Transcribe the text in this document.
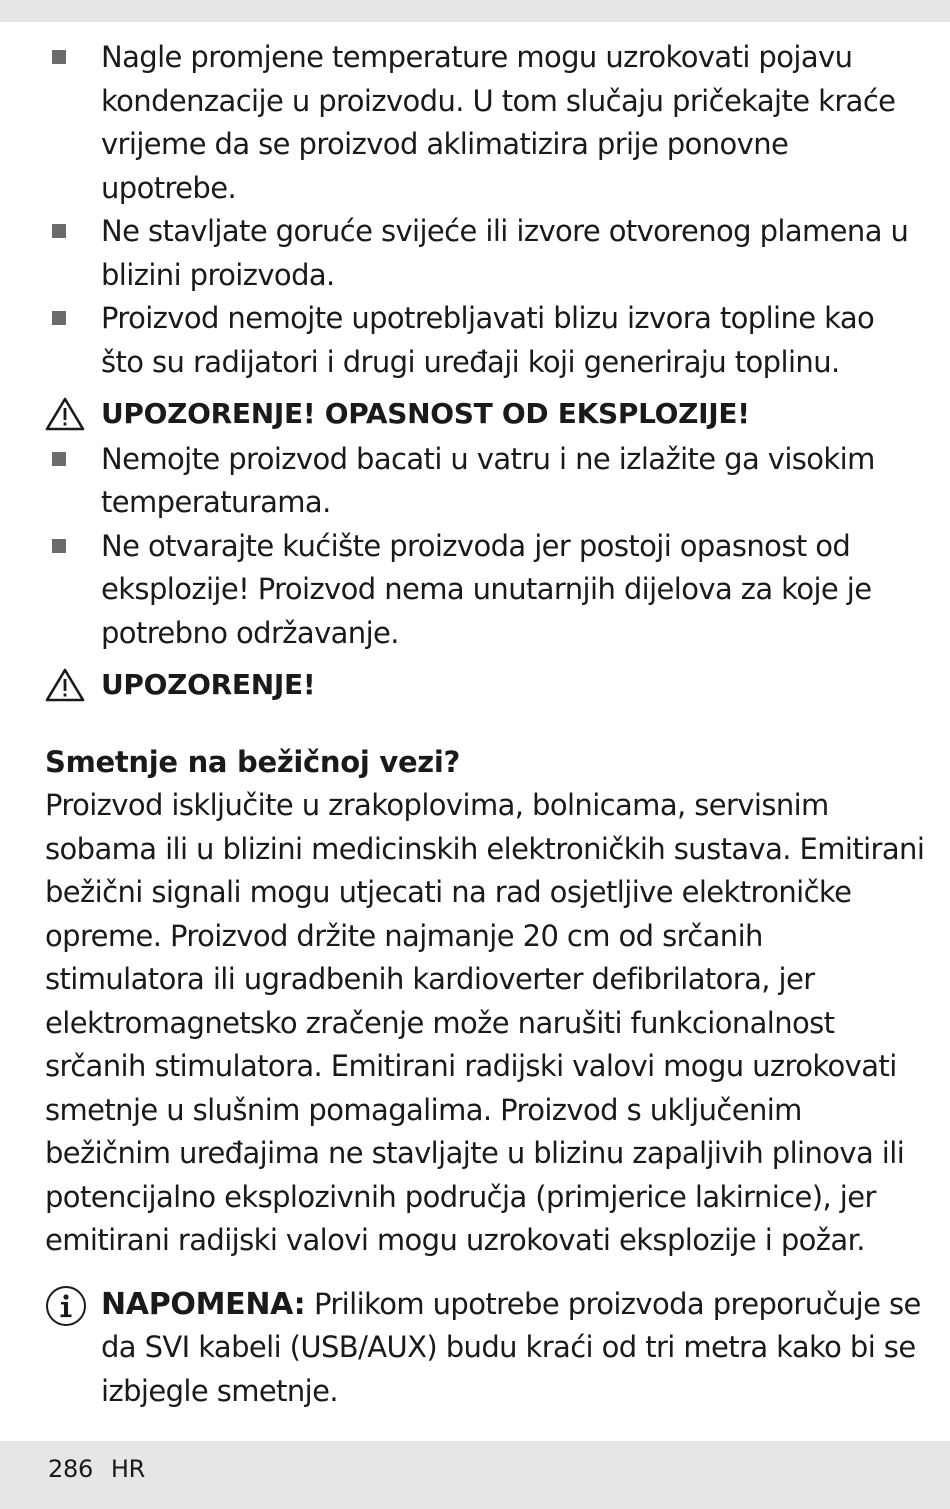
Nagle promjene temperature mogu uzrokovati pojavu kondenzacije u proizvodu. U tom slučaju pričekajte kraće vrijeme da se proizvod aklimatizira prije ponovne upotrebe.
Ne stavljate goruće svijeće ili izvore otvorenog plamena u blizini proizvoda.
Proizvod nemojte upotrebljavati blizu izvora topline kao što su radijatori i drugi uređaji koji generiraju toplinu.
UPOZORENJE! OPASNOST OD EKSPLOZIJE!
Nemojte proizvod bacati u vatru i ne izlažite ga visokim temperaturama.
Ne otvarajte kućište proizvoda jer postoji opasnost od eksplozije! Proizvod nema unutarnjih dijelova za koje je potrebno održavanje.
UPOZORENJE!
Smetnje na bežičnoj vezi?

Proizvod isključite u zrakoplovima, bolnicama, servisnim sobama ili u blizini medicinskih elektroničkih sustava. Emitirani bežični signali mogu utjecati na rad osjetljive elektroničke opreme. Proizvod držite najmanje 20 cm od srčanih stimulatora ili ugradbenih kardioverter defibrilatora, jer elektromagnetsko zračenje može narušiti funkcionalnost srčanih stimulatora. Emitirani radijski valovi mogu uzrokovati smetnje u slušnim pomagalima. Proizvod s uključenim bežičnim uređajima ne stavljajte u blizinu zapaljivih plinova ili potencijalno eksplozivnih područja (primjerice lakirnice), jer emitirani radijski valovi mogu uzrokovati eksplozije i požar.

NAPOMENA: Prilikom upotrebe proizvoda preporučuje se da SVI kabeli (USB/AUX) budu kraći od tri metra kako bi se izbjegle smetnje.
286 HR
